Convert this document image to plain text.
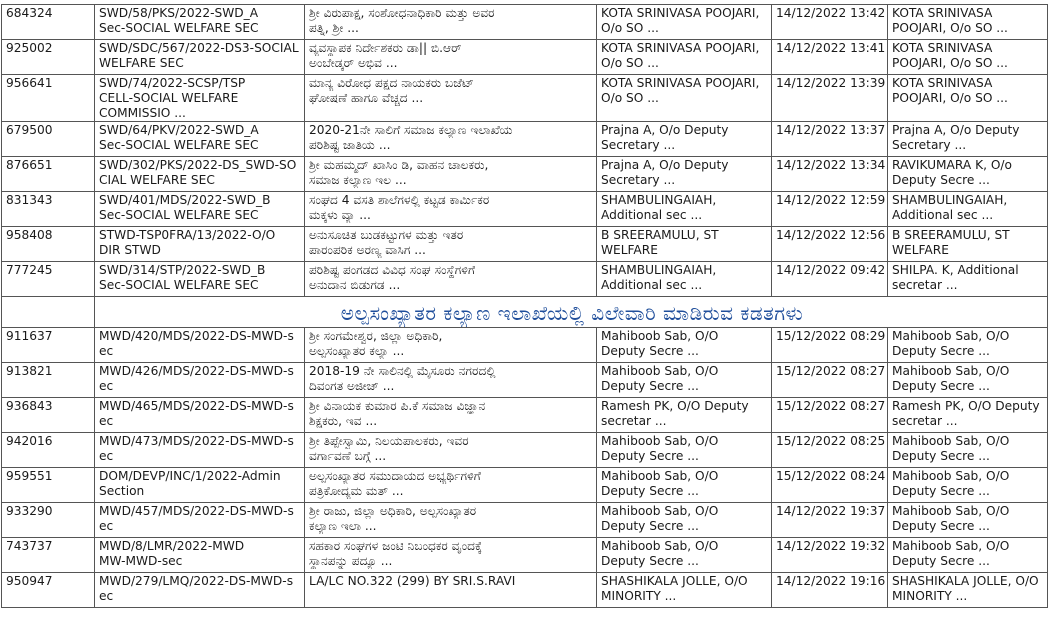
684324	SWD/58/PKS/2022-SWD_A
Sec-SOCIAL WELFARE SEC	ಶ್ರೀ ವಿರುಪಾಕ್ಷ, ಸಂಶೋಧನಾಧಿಕಾರಿ ಮತ್ತು ಅವರ
ಪತ್ನಿ, ಶ್ರೀ ...	KOTA SRINIVASA POOJARI,
O/o SO ...	14/12/2022 13:42	KOTA SRINIVASA
POOJARI, O/o SO ...

925002	SWD/SDC/567/2022-DS3-SOCIAL
WELFARE SEC	ವ್ಯವಸ್ಥಾಪಕ ನಿರ್ದೇಶಕರು ಡಾ|| ಬಿ.ಆರ್
ಅಂಬೇಡ್ಕರ್ ಅಭಿವ ...	KOTA SRINIVASA POOJARI,
O/o SO ...	14/12/2022 13:41	KOTA SRINIVASA
POOJARI, O/o SO ...

956641	SWD/74/2022-SCSP/TSP
CELL-SOCIAL WELFARE
COMMISSIO ...	ಮಾನ್ಯ ವಿರೋಧ ಪಕ್ಷದ ನಾಯಕರು ಬಜೆಟ್
ಘೋಷಣೆ ಹಾಗೂ ವೆಚ್ಚದ ...	KOTA SRINIVASA POOJARI,
O/o SO ...	14/12/2022 13:39	KOTA SRINIVASA
POOJARI, O/o SO ...

679500	SWD/64/PKV/2022-SWD_A
Sec-SOCIAL WELFARE SEC	2020-21ನೇ ಸಾಲಿಗೆ ಸಮಾಜ ಕಲ್ಯಾಣ ಇಲಾಖೆಯ
ಪರಿಶಿಷ್ಟ ಜಾತಿಯ ...	Prajna A, O/o Deputy
Secretary ...	14/12/2022 13:37	Prajna A, O/o Deputy
Secretary ...

876651	SWD/302/PKS/2022-DS_SWD-SO
CIAL WELFARE SEC	ಶ್ರೀ ಮಹಮ್ಮದ್ ಖಾಸಿಂ ಡಿ, ವಾಹನ ಚಾಲಕರು,
ಸಮಾಜ ಕಲ್ಯಾಣ ಇಲ ...	Prajna A, O/o Deputy
Secretary ...	14/12/2022 13:34	RAVIKUMARA K, O/o
Deputy Secre ...

831343	SWD/401/MDS/2022-SWD_B
Sec-SOCIAL WELFARE SEC	ಸಂಘದ 4 ವಸತಿ ಶಾಲೆಗಳಲ್ಲಿ ಕಟ್ಟಡ ಕಾರ್ಮಿಕರ
ಮಕ್ಕಳು ವ್ಯಾ ...	SHAMBULINGAIAH,
Additional sec ...	14/12/2022 12:59	SHAMBULINGAIAH,
Additional sec ...

958408	STWD-TSP0FRA/13/2022-O/O
DIR STWD	ಅನುಸೂಚಿತ ಬುಡಕಟ್ಟುಗಳ ಮತ್ತು ಇತರ
ಪಾರಂಪರಿಕ ಅರಣ್ಯ ವಾಸಿಗ ...	B SREERAMULU, ST
WELFARE	14/12/2022 12:56	B SREERAMULU, ST
WELFARE

777245	SWD/314/STP/2022-SWD_B
Sec-SOCIAL WELFARE SEC	ಪರಿಶಿಷ್ಟ ಪಂಗಡದ ವಿವಿಧ ಸಂಘ ಸಂಸ್ಥೆಗಳಿಗೆ
ಅನುದಾನ ಬಿಡುಗಡ ...	SHAMBULINGAIAH,
Additional sec ...	14/12/2022 09:42	SHILPA. K, Additional
secretar ...

	ಅಲ್ಪಸಂಖ್ಯಾತರ ಕಲ್ಯಾಣ ಇಲಾಖೆಯಲ್ಲಿ ವಿಲೇವಾರಿ ಮಾಡಿರುವ ಕಡತಗಳು				
911637	MWD/420/MDS/2022-DS-MWD-s
ec	ಶ್ರೀ ಸಂಗಮೇಶ್ವರ, ಜಿಲ್ಲಾ ಅಧಿಕಾರಿ,
ಅಲ್ಪಸಂಖ್ಯಾತರ ಕಲ್ಯಾ ...	Mahiboob Sab, O/O
Deputy Secre ...	15/12/2022 08:29	Mahiboob Sab, O/O
Deputy Secre ...

913821	MWD/426/MDS/2022-DS-MWD-s
ec	2018-19 ನೇ ಸಾಲಿನಲ್ಲಿ ಮೈಸೂರು ನಗರದಲ್ಲಿ
ದಿವಂಗತ ಅಜೀಜ್ ...	Mahiboob Sab, O/O
Deputy Secre ...	15/12/2022 08:27	Mahiboob Sab, O/O
Deputy Secre ...

936843	MWD/465/MDS/2022-DS-MWD-s
ec	ಶ್ರೀ ವಿನಾಯಕ ಕುಮಾರ ಪಿ.ಕೆ ಸಮಾಜ ವಿಜ್ಞಾನ
ಶಿಕ್ಷಕರು, ಇವ ...	Ramesh PK, O/O Deputy
secretar ...	15/12/2022 08:27	Ramesh PK, O/O Deputy
secretar ...

942016	MWD/473/MDS/2022-DS-MWD-s
ec	ಶ್ರೀ ತಿಪ್ಪೇಸ್ವಾಮಿ, ನಿಲಯಪಾಲಕರು, ಇವರ
ವರ್ಗಾವಣೆ ಬಗ್ಗೆ ...	Mahiboob Sab, O/O
Deputy Secre ...	15/12/2022 08:25	Mahiboob Sab, O/O
Deputy Secre ...

959551	DOM/DEVP/INC/1/2022-Admin
Section	ಅಲ್ಪಸಂಖ್ಯಾತರ ಸಮುದಾಯದ ಅಭ್ಯರ್ಥಿಗಳಿಗೆ
ಪತ್ರಿಕೋದ್ಯಮ ಮತ್ ...	Mahiboob Sab, O/O
Deputy Secre ...	15/12/2022 08:24	Mahiboob Sab, O/O
Deputy Secre ...

933290	MWD/457/MDS/2022-DS-MWD-s
ec	ಶ್ರೀ ರಾಜು, ಜಿಲ್ಲಾ ಅಧಿಕಾರಿ, ಅಲ್ಪಸಂಖ್ಯಾತರ
ಕಲ್ಯಾಣ ಇಲಾ ...	Mahiboob Sab, O/O
Deputy Secre ...	14/12/2022 19:37	Mahiboob Sab, O/O
Deputy Secre ...

743737	MWD/8/LMR/2022-MWD
MW-MWD-sec	ಸಹಕಾರ ಸಂಘಗಳ ಜಂಟಿ ನಿಬಂಧಕರ ವೃಂದಕ್ಕೆ
ಸ್ಥಾನಪನ್ನು ಪದ್ಯೂ ...	Mahiboob Sab, O/O
Deputy Secre ...	14/12/2022 19:32	Mahiboob Sab, O/O
Deputy Secre ...

950947	MWD/279/LMQ/2022-DS-MWD-s
ec	LA/LC NO.322 (299) BY SRI.S.RAVI	SHASHIKALA JOLLE, O/O
MINORITY ...	14/12/2022 19:16	SHASHIKALA JOLLE, O/O
MINORITY ...
